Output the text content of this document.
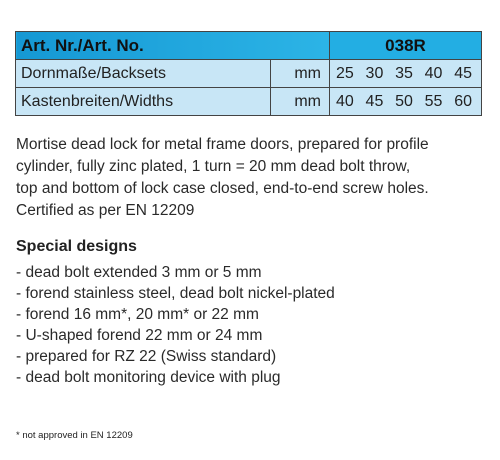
Art. Nr./Art. No.		038R
Dornmaße/Backsets	mm	25 30 35 40 45

Kastenbreiten/Widths	mm	40 45 50 55 60

Mortise dead lock for metal frame doors, prepared for profile

cylinder, fully zinc plated, 1 turn = 20 mm dead bolt throw,

top and bottom of lock case closed, end-to-end screw holes.

Certified as per EN 12209

Special designs
- dead bolt extended 3 mm or 5 mm
- forend stainless steel, dead bolt nickel-plated
- forend 16 mm*, 20 mm* or 22 mm
- U-shaped forend 22 mm or 24 mm
- prepared for RZ 22 (Swiss standard)
- dead bolt monitoring device with plug
* not approved in EN 12209
